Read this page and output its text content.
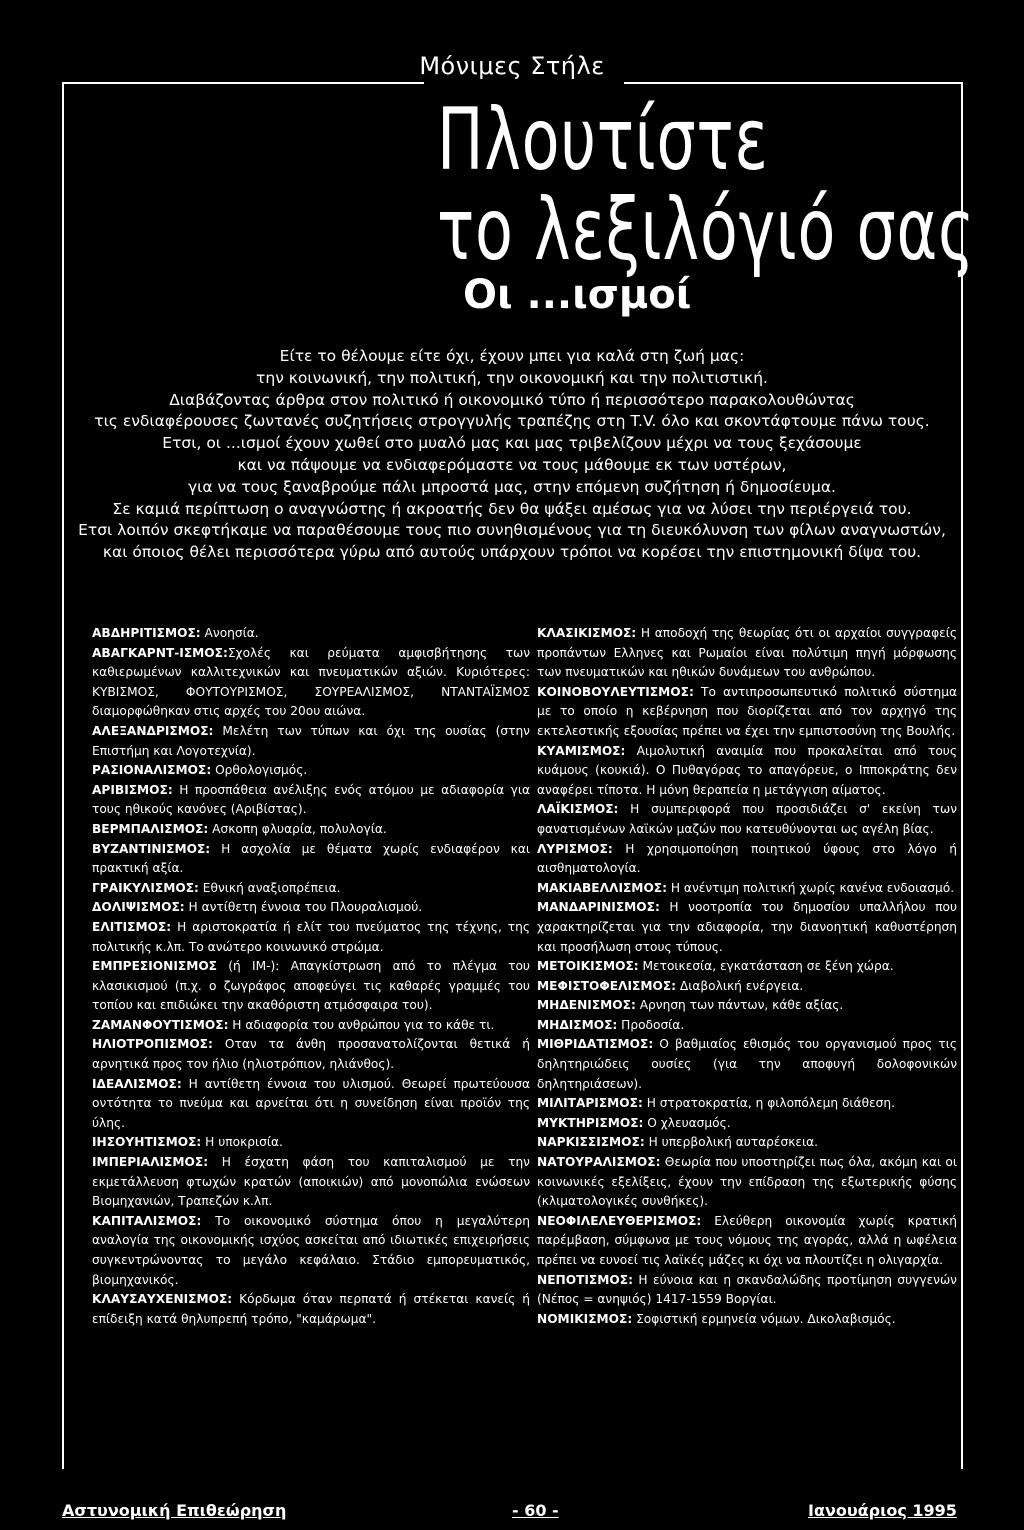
Μόνιμες Στήλε
Πλουτίστε
το λεξιλόγιό σας
Οι ...ισμοί

Είτε το θέλουμε είτε όχι, έχουν μπει για καλά στη ζωή μας:

την κοινωνική, την πολιτική, την οικονομική και την πολιτιστική.

Διαβάζοντας άρθρα στον πολιτικό ή οικονομικό τύπο ή περισσότερο παρακολουθώντας

τις ενδιαφέρουσες ζωντανές συζητήσεις στρογγυλής τραπέζης στη T.V. όλο και σκοντάφτουμε πάνω τους.

Ετσι, οι ...ισμοί έχουν χωθεί στο μυαλό μας και μας τριβελίζουν μέχρι να τους ξεχάσουμε

και να πάψουμε να ενδιαφερόμαστε να τους μάθουμε εκ των υστέρων,

για να τους ξαναβρούμε πάλι μπροστά μας, στην επόμενη συζήτηση ή δημοσίευμα.

Σε καμιά περίπτωση ο αναγνώστης ή ακροατής δεν θα ψάξει αμέσως για να λύσει την περιέργειά του.

Ετσι λοιπόν σκεφτήκαμε να παραθέσουμε τους πιο συνηθισμένους για τη διευκόλυνση των φίλων αναγνωστών,

και όποιος θέλει περισσότερα γύρω από αυτούς υπάρχουν τρόποι να κορέσει την επιστημονική δίψα του.

ΑΒΔΗΡΙΤΙΣΜΟΣ: Ανοησία.

ΑΒΑΓΚΑΡΝΤ-ΙΣΜΟΣ:Σχολές και ρεύματα αμφισβήτησης των καθιερωμένων καλλιτεχνικών και πνευματικών αξιών. Κυριότερες: ΚΥΒΙΣΜΟΣ, ΦΟΥΤΟΥΡΙΣΜΟΣ, ΣΟΥΡΕΑΛΙΣΜΟΣ, ΝΤΑΝΤΑΪΣΜΟΣ διαμορφώθηκαν στις αρχές του 20ου αιώνα.

ΑΛΕΞΑΝΔΡΙΣΜΟΣ: Μελέτη των τύπων και όχι της ουσίας (στην Επιστήμη και Λογοτεχνία).

ΡΑΣΙΟΝΑΛΙΣΜΟΣ: Ορθολογισμός.

ΑΡΙΒΙΣΜΟΣ: Η προσπάθεια ανέλιξης ενός ατόμου με αδιαφορία για τους ηθικούς κανόνες (Αριβίστας).

ΒΕΡΜΠΑΛΙΣΜΟΣ: Ασκοπη φλυαρία, πολυλογία.

ΒΥΖΑΝΤΙΝΙΣΜΟΣ: Η ασχολία με θέματα χωρίς ενδιαφέρον και πρακτική αξία.

ΓΡΑΙΚΥΛΙΣΜΟΣ: Εθνική αναξιοπρέπεια.

ΔΟΛΙΨΙΣΜΟΣ: Η αντίθετη έννοια του Πλουραλισμού.

ΕΛΙΤΙΣΜΟΣ: Η αριστοκρατία ή ελίτ του πνεύματος της τέχνης, της πολιτικής κ.λπ. Το ανώτερο κοινωνικό στρώμα.

ΕΜΠΡΕΣΙΟΝΙΣΜΟΣ (ή ΙΜ-): Απαγκίστρωση από το πλέγμα του κλασικισμού (π.χ. ο ζωγράφος αποφεύγει τις καθαρές γραμμές του τοπίου και επιδιώκει την ακαθόριστη ατμόσφαιρα του).

ΖΑΜΑΝΦΟΥΤΙΣΜΟΣ: Η αδιαφορία του ανθρώπου για το κάθε τι.

ΗΛΙΟΤΡΟΠΙΣΜΟΣ: Οταν τα άνθη προσανατολίζονται θετικά ή αρνητικά προς τον ήλιο (ηλιοτρόπιον, ηλιάνθος).

ΙΔΕΑΛΙΣΜΟΣ: Η αντίθετη έννοια του υλισμού. Θεωρεί πρωτεύουσα οντότητα το πνεύμα και αρνείται ότι η συνείδηση είναι προϊόν της ύλης.

ΙΗΣΟΥΗΤΙΣΜΟΣ: Η υποκρισία.

ΙΜΠΕΡΙΑΛΙΣΜΟΣ: Η έσχατη φάση του καπιταλισμού με την εκμετάλλευση φτωχών κρατών (αποικιών) από μονοπώλια ενώσεων Βιομηχανιών, Τραπεζών κ.λπ.

ΚΑΠΙΤΑΛΙΣΜΟΣ: Το οικονομικό σύστημα όπου η μεγαλύτερη αναλογία της οικονομικής ισχύος ασκείται από ιδιωτικές επιχειρήσεις συγκεντρώνοντας το μεγάλο κεφάλαιο. Στάδιο εμπορευματικός, βιομηχανικός.

ΚΛΑΥΣΑΥΧΕΝΙΣΜΟΣ: Κόρδωμα όταν περπατά ή στέκεται κανείς ή επίδειξη κατά θηλυπρεπή τρόπο, "καμάρωμα".

ΚΛΑΣΙΚΙΣΜΟΣ: Η αποδοχή της θεωρίας ότι οι αρχαίοι συγγραφείς προπάντων Ελληνες και Ρωμαίοι είναι πολύτιμη πηγή μόρφωσης των πνευματικών και ηθικών δυνάμεων του ανθρώπου.

ΚΟΙΝΟΒΟΥΛΕΥΤΙΣΜΟΣ: Το αντιπροσωπευτικό πολιτικό σύστημα με το οποίο η κεβέρνηση που διορίζεται από τον αρχηγό της εκτελεστικής εξουσίας πρέπει να έχει την εμπιστοσύνη της Βουλής.

ΚΥΑΜΙΣΜΟΣ: Αιμολυτική αναιμία που προκαλείται από τους κυάμους (κουκιά). Ο Πυθαγόρας το απαγόρευε, ο Ιπποκράτης δεν αναφέρει τίποτα. Η μόνη θεραπεία η μετάγγιση αίματος.

ΛΑΪΚΙΣΜΟΣ: Η συμπεριφορά που προσιδιάζει σ' εκείνη των φανατισμένων λαϊκών μαζών που κατευθύνονται ως αγέλη βίας.

ΛΥΡΙΣΜΟΣ: Η χρησιμοποίηση ποιητικού ύφους στο λόγο ή αισθηματολογία.

ΜΑΚΙΑΒΕΛΛΙΣΜΟΣ: Η ανέντιμη πολιτική χωρίς κανένα ενδοιασμό.

ΜΑΝΔΑΡΙΝΙΣΜΟΣ: Η νοοτροπία του δημοσίου υπαλλήλου που χαρακτηρίζεται για την αδιαφορία, την διανοητική καθυστέρηση και προσήλωση στους τύπους.

ΜΕΤΟΙΚΙΣΜΟΣ: Μετοικεσία, εγκατάσταση σε ξένη χώρα.

ΜΕΦΙΣΤΟΦΕΛΙΣΜΟΣ: Διαβολική ενέργεια.

ΜΗΔΕΝΙΣΜΟΣ: Αρνηση των πάντων, κάθε αξίας.

ΜΗΔΙΣΜΟΣ: Προδοσία.

ΜΙΘΡΙΔΑΤΙΣΜΟΣ: Ο βαθμιαίος εθισμός του οργανισμού προς τις δηλητηριώδεις ουσίες (για την αποφυγή δολοφονικών δηλητηριάσεων).

ΜΙΛΙΤΑΡΙΣΜΟΣ: Η στρατοκρατία, η φιλοπόλεμη διάθεση.

ΜΥΚΤΗΡΙΣΜΟΣ: Ο χλευασμός.

ΝΑΡΚΙΣΣΙΣΜΟΣ: Η υπερβολική αυταρέσκεια.

ΝΑΤΟΥΡΑΛΙΣΜΟΣ: Θεωρία που υποστηρίζει πως όλα, ακόμη και οι κοινωνικές εξελίξεις, έχουν την επίδραση της εξωτερικής φύσης (κλιματολογικές συνθήκες).

ΝΕΟΦΙΛΕΛΕΥΘΕΡΙΣΜΟΣ: Ελεύθερη οικονομία χωρίς κρατική παρέμβαση, σύμφωνα με τους νόμους της αγοράς, αλλά η ωφέλεια πρέπει να ευνοεί τις λαϊκές μάζες κι όχι να πλουτίζει η ολιγαρχία.

ΝΕΠΟΤΙΣΜΟΣ: Η εύνοια και η σκανδαλώδης προτίμηση συγγενών (Νέπος = ανηψιός) 1417-1559 Βοργίαι.

ΝΟΜΙΚΙΣΜΟΣ: Σοφιστική ερμηνεία νόμων. Δικολαβισμός.

Αστυνομική Επιθεώρηση	- 60 -	Ιανουάριος 1995
